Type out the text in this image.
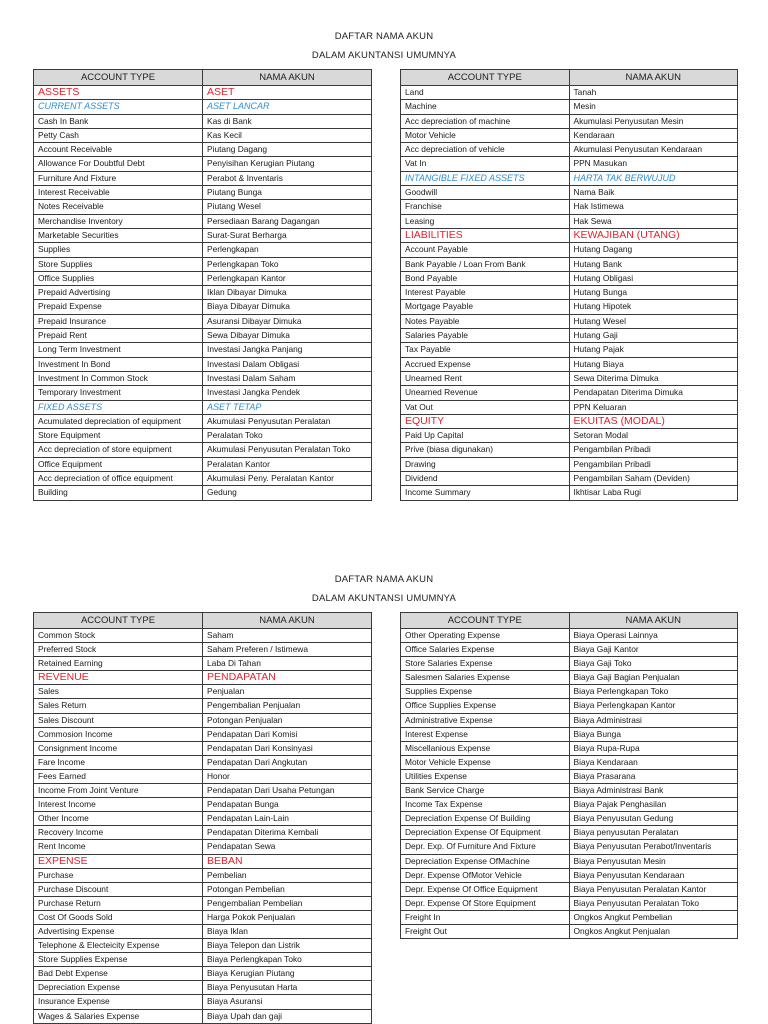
DAFTAR NAMA AKUN
DALAM AKUNTANSI UMUMNYA
ACCOUNT TYPE	NAMA AKUN
ASSETS	ASET
CURRENT ASSETS	ASET LANCAR
Cash In Bank	Kas di Bank
Petty Cash	Kas Kecil
Account Receivable	Piutang Dagang
Allowance For Doubtful Debt	Penyisihan Kerugian Piutang
Furniture And Fixture	Perabot & Inventaris
Interest Receivable	Piutang Bunga
Notes Receivable	Piutang Wesel
Merchandise Inventory	Persediaan Barang Dagangan
Marketable Securities	Surat-Surat Berharga
Supplies	Perlengkapan
Store Supplies	Perlengkapan Toko
Office Supplies	Perlengkapan Kantor
Prepaid Advertising	Iklan Dibayar Dimuka
Prepaid Expense	Biaya Dibayar Dimuka
Prepaid Insurance	Asuransi Dibayar Dimuka
Prepaid Rent	Sewa Dibayar Dimuka
Long Term Investment	Investasi Jangka Panjang
Investment In Bond	Investasi Dalam Obligasi
Investment In Common Stock	Investasi Dalam Saham
Temporary Investment	Investasi Jangka Pendek
FIXED ASSETS	ASET TETAP
Acumulated depreciation of equipment	Akumulasi Penyusutan Peralatan
Store Equipment	Peralatan Toko
Acc depreciation of store equipment	Akumulasi Penyusutan Peralatan Toko
Office Equipment	Peralatan Kantor
Acc depreciation of office equipment	Akumulasi Peny. Peralatan Kantor
Building	Gedung
ACCOUNT TYPE	NAMA AKUN
Land	Tanah
Machine	Mesin
Acc depreciation of machine	Akumulasi Penyusutan Mesin
Motor Vehicle	Kendaraan
Acc depreciation of vehicle	Akumulasi Penyusutan Kendaraan
Vat In	PPN Masukan
INTANGIBLE FIXED ASSETS	HARTA TAK BERWUJUD
Goodwill	Nama Baik
Franchise	Hak Istimewa
Leasing	Hak Sewa
LIABILITIES	KEWAJIBAN (UTANG)
Account Payable	Hutang Dagang
Bank Payable / Loan From Bank	Hutang Bank
Bond Payable	Hutang Obligasi
Interest Payable	Hutang Bunga
Mortgage Payable	Hutang Hipotek
Notes Payable	Hutang Wesel
Salaries Payable	Hutang Gaji
Tax Payable	Hutang Pajak
Accrued Expense	Hutang Biaya
Unearned Rent	Sewa Diterima Dimuka
Unearned Revenue	Pendapatan Diterima Dimuka
Vat Out	PPN Keluaran
EQUITY	EKUITAS (MODAL)
Paid Up Capital	Setoran Modal
Prive (biasa digunakan)	Pengambilan Pribadi
Drawing	Pengambilan Pribadi
Dividend	Pengambilan Saham (Deviden)
Income Summary	Ikhtisar Laba Rugi
DAFTAR NAMA AKUN
DALAM AKUNTANSI UMUMNYA
ACCOUNT TYPE	NAMA AKUN
Common Stock	Saham
Preferred Stock	Saham Preferen / Istimewa
Retained Earning	Laba Di Tahan
REVENUE	PENDAPATAN
Sales	Penjualan
Sales Return	Pengembalian Penjualan
Sales Discount	Potongan Penjualan
Commosion Income	Pendapatan Dari Komisi
Consignment Income	Pendapatan Dari Konsinyasi
Fare Income	Pendapatan Dari Angkutan
Fees Earned	Honor
Income From Joint Venture	Pendapatan Dari Usaha Petungan
Interest Income	Pendapatan Bunga
Other Income	Pendapatan Lain-Lain
Recovery Income	Pendapatan Diterima Kembali
Rent Income	Pendapatan Sewa
EXPENSE	BEBAN
Purchase	Pembelian
Purchase Discount	Potongan Pembelian
Purchase Return	Pengembalian Pembelian
Cost Of Goods Sold	Harga Pokok Penjualan
Advertising Expense	Biaya Iklan
Telephone & Electeicity Expense	Biaya Telepon dan Listrik
Store Supplies Expense	Biaya Perlengkapan Toko
Bad Debt Expense	Biaya Kerugian Piutang
Depreciation Expense	Biaya Penyusutan Harta
Insurance Expense	Biaya Asuransi
Wages & Salaries Expense	Biaya Upah dan gaji
ACCOUNT TYPE	NAMA AKUN
Other Operating Expense	Biaya Operasi Lainnya
Office Salaries Expense	Biaya Gaji Kantor
Store Salaries Expense	Biaya Gaji Toko
Salesmen Salaries Expense	Biaya Gaji Bagian Penjualan
Supplies Expense	Biaya Perlengkapan Toko
Office Supplies Expense	Biaya Perlengkapan Kantor
Administrative Expense	Biaya Administrasi
Interest Expense	Biaya Bunga
Miscellanious Expense	Biaya Rupa-Rupa
Motor Vehicle Expense	Biaya Kendaraan
Utilities Expense	Biaya Prasarana
Bank Service Charge	Biaya Administrasi Bank
Income Tax Expense	Biaya Pajak Penghasilan
Depreciation Expense Of Building	Biaya Penyusutan Gedung
Depreciation Expense Of Equipment	Biaya penyusutan Peralatan
Depr. Exp. Of Furniture And Fixture	Biaya Penyusutan Perabot/Inventaris
Depreciation Expense OfMachine	Biaya Penyusutan Mesin
Depr. Expense OfMotor Vehicle	Biaya Penyusutan Kendaraan
Depr. Expense Of Office Equipment	Biaya Penyusutan Peralatan Kantor
Depr. Expense Of Store Equipment	Biaya Penyusutan Peralatan Toko
Freight In	Ongkos Angkut Pembelian
Freight Out	Ongkos Angkut Penjualan
